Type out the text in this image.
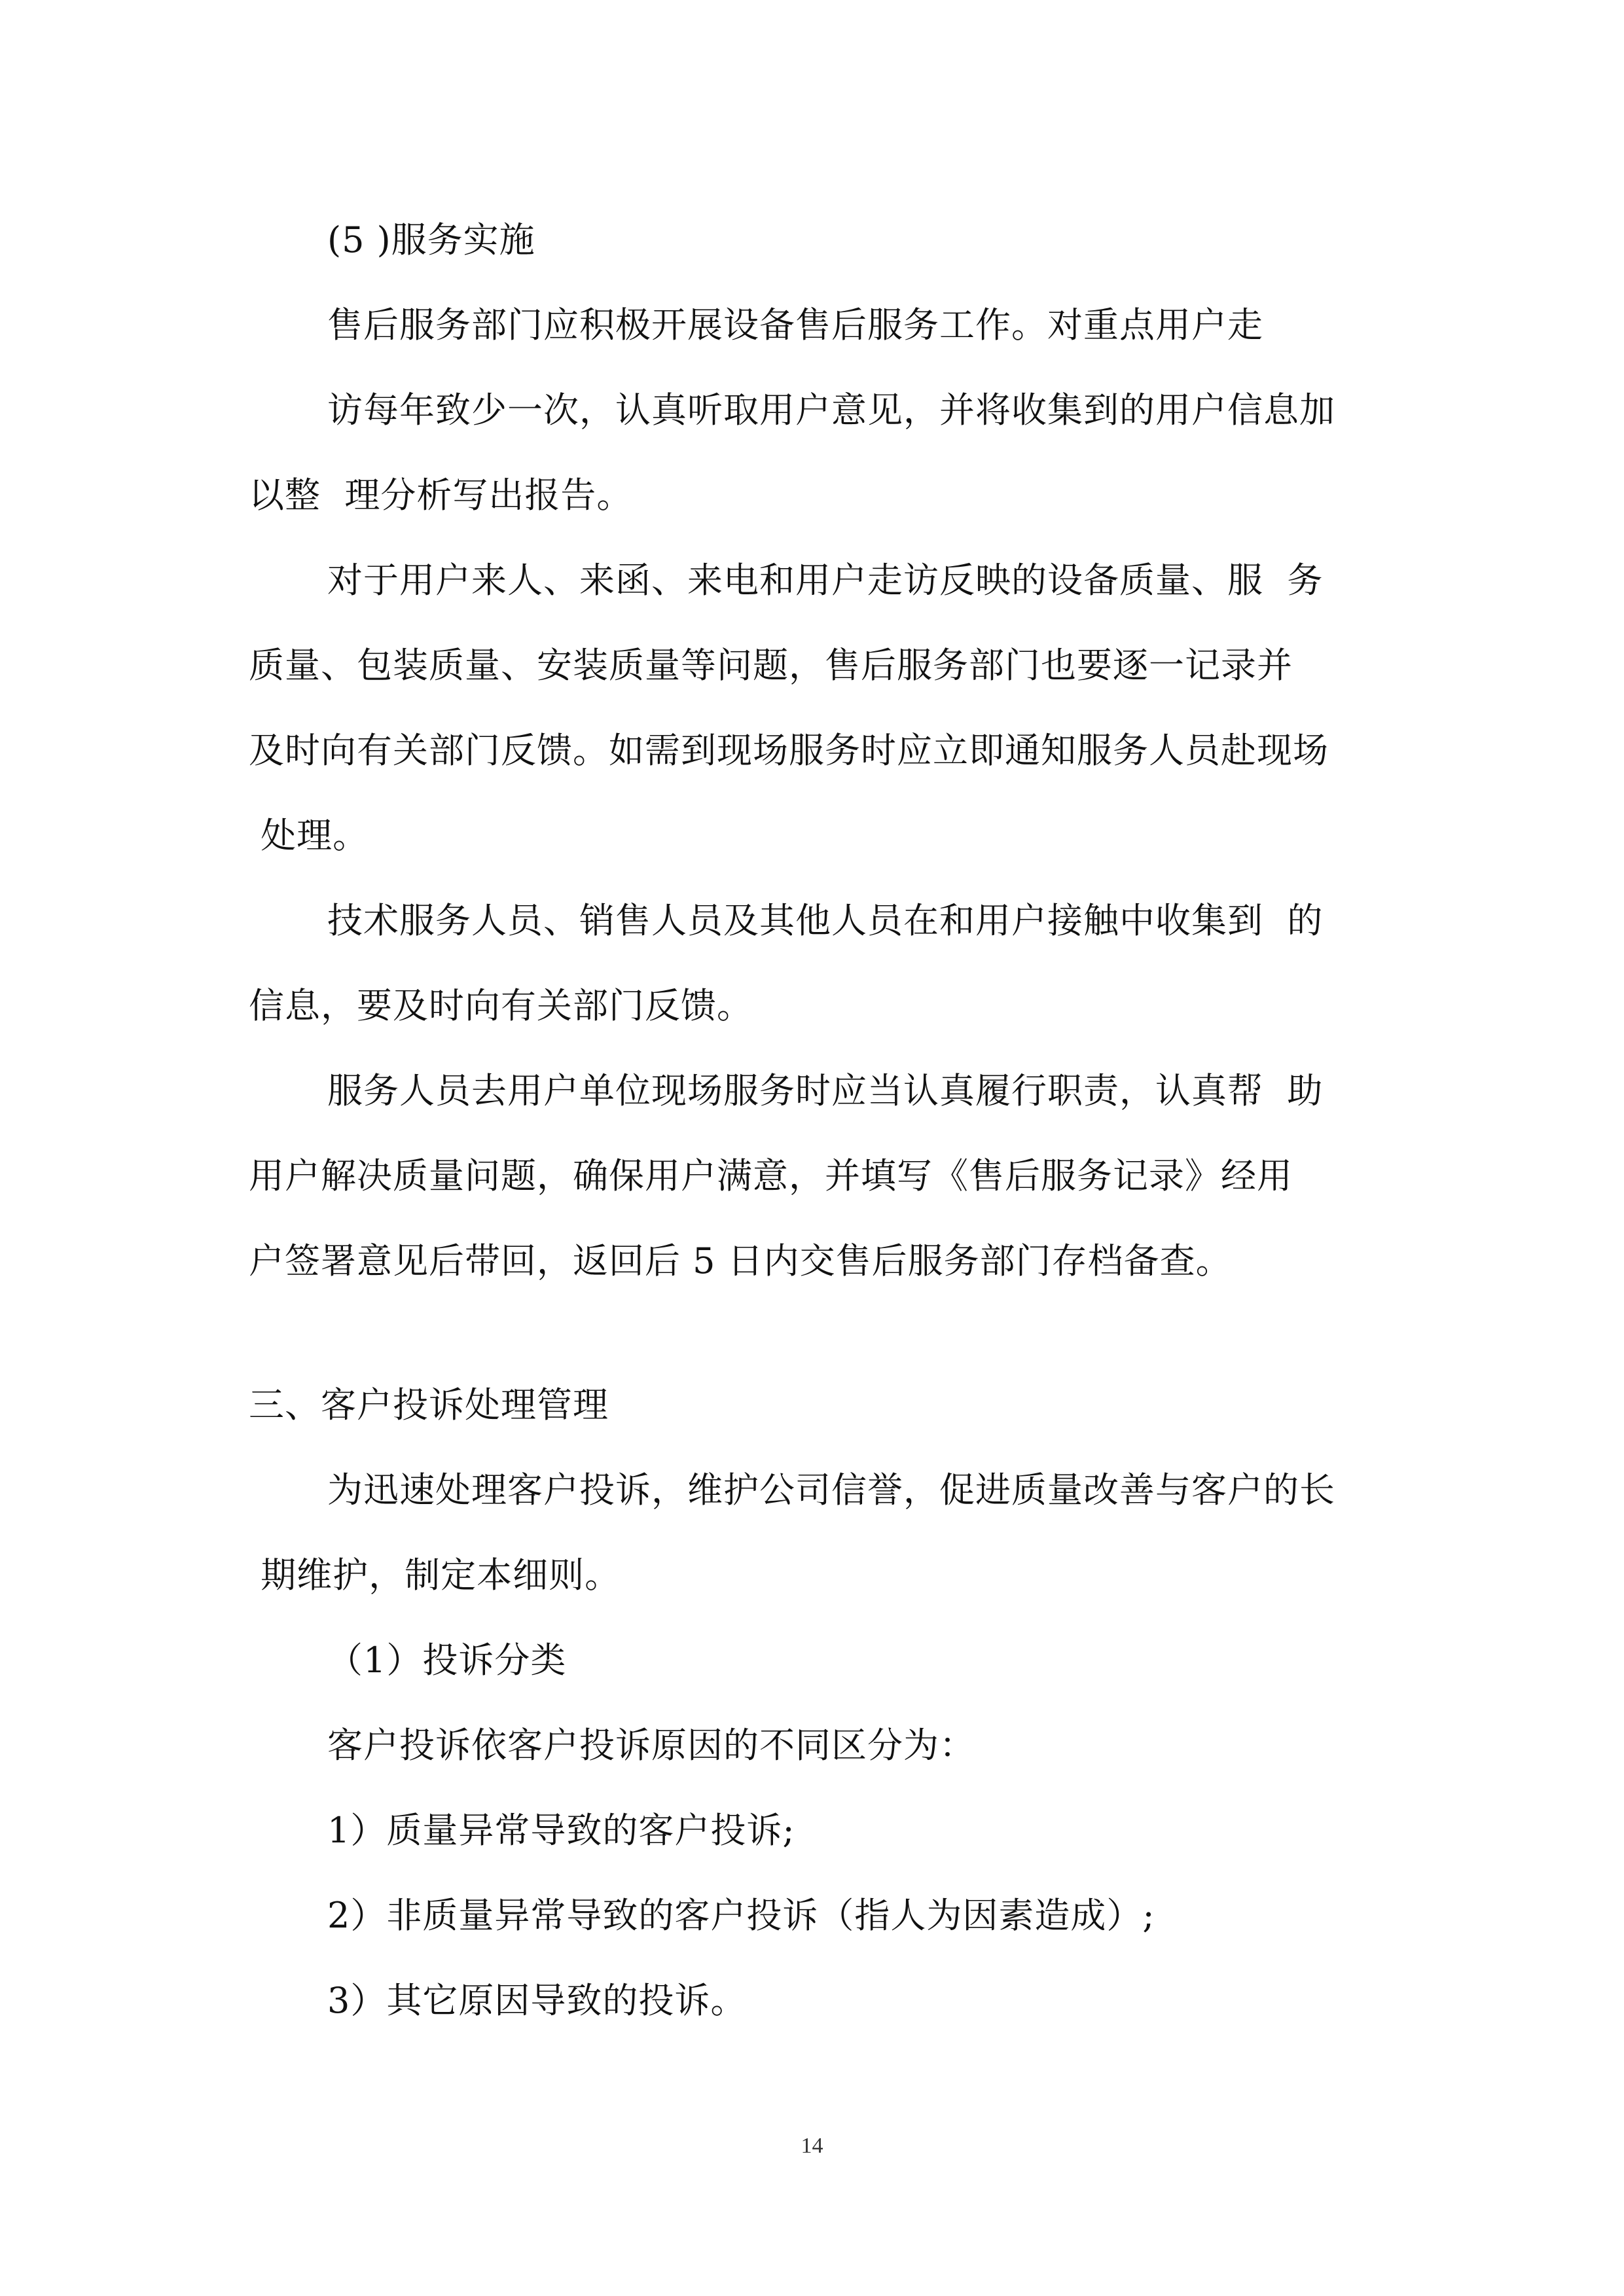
(5 )服务实施
售后服务部门应积极开展设备售后服务工作。对重点用户走
访每年致少一次，认真听取用户意见，并将收集到的用户信息加
以整  理分析写出报告。
对于用户来人、来函、来电和用户走访反映的设备质量、服  务
质量、包装质量、安装质量等问题，售后服务部门也要逐一记录并
及时向有关部门反馈。如需到现场服务时应立即通知服务人员赴现场
处理。
技术服务人员、销售人员及其他人员在和用户接触中收集到  的
信息，要及时向有关部门反馈。
服务人员去用户单位现场服务时应当认真履行职责，认真帮  助
用户解决质量问题，确保用户满意，并填写《售后服务记录》经用
户签署意见后带回，返回后 5 日内交售后服务部门存档备查。
三、客户投诉处理管理
为迅速处理客户投诉，维护公司信誉，促进质量改善与客户的长
期维护，制定本细则。
（1）投诉分类
客户投诉依客户投诉原因的不同区分为：
1）质量异常导致的客户投诉;
2）非质量异常导致的客户投诉（指人为因素造成）;
3）其它原因导致的投诉。
14
